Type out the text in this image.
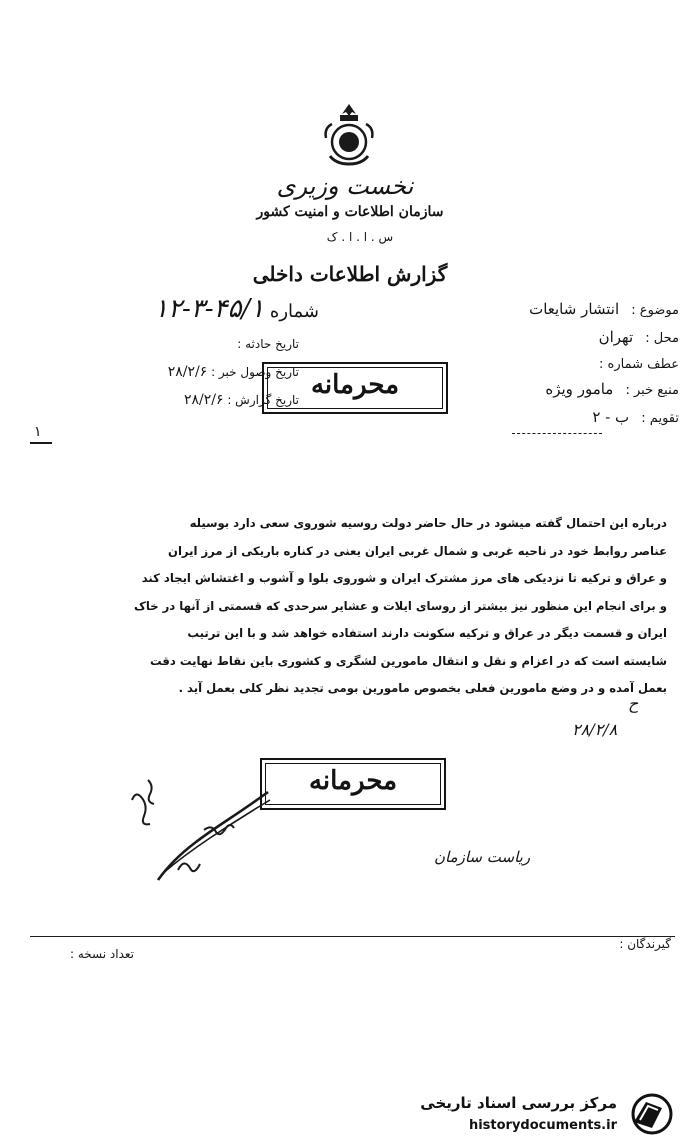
نخست وزیری
سازمان اطلاعات و امنیت کشور
س . ا . ا . ک
گزارش اطلاعات داخلی
شماره ۴۵/۱-۳-۱۲
تاریخ حادثه :
تاریخ وصول خبر : ۲۸/۲/۶
تاریخ گزارش : ۲۸/۲/۶
۱
موضوع : انتشار شایعات
محل : تهران
عطف شماره :
منبع خبر : مامور ویژه
تقویم : ب - ۲
محرمانه
درباره این احتمال گفته میشود در حال حاضر دولت روسیه شوروی سعی دارد بوسیله
عناصر روابط خود در ناحیه غربی و شمال غربی ایران یعنی در کناره باریکی از مرز ایران
و عراق و ترکیه تا نزدیکی های مرز مشترک ایران و شوروی بلوا و آشوب و اغتشاش ایجاد کند
و برای انجام این منظور نیز بیشتر از روسای ایلات و عشایر سرحدی که قسمتی از آنها در خاک
ایران و قسمت دیگر در عراق و ترکیه سکونت دارند استفاده خواهد شد و با این ترتیب
شایسته است که در اعزام و نقل و انتقال مامورین لشگری و کشوری باین نقاط نهایت دقت
بعمل آمده و در وضع مامورین فعلی بخصوص مامورین بومی تجدید نظر کلی بعمل آید .
ح
۲۸/۲/۸
محرمانه
ریاست سازمان
گیرندگان :
تعداد نسخه :
مرکز بررسی اسناد تاریخی
historydocuments.ir
